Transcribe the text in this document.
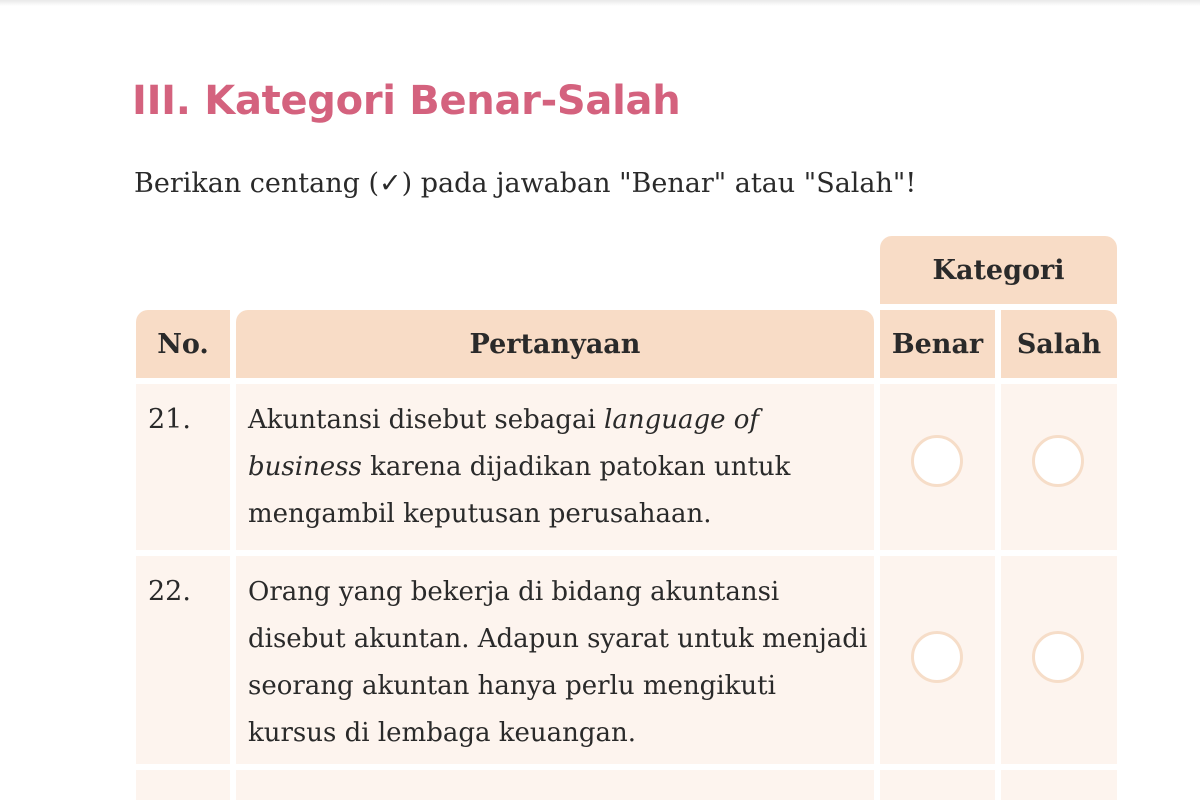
III. Kategori Benar-Salah

Berikan centang (✓) pada jawaban "Benar" atau "Salah"!

Kategori
No.	Pertanyaan	Benar Salah
21. Akuntansi disebut sebagai language of business karena dijadikan patokan untuk mengambil keputusan perusahaan.
22. Orang yang bekerja di bidang akuntansi disebut akuntan. Adapun syarat untuk menjadi seorang akuntan hanya perlu mengikuti kursus di lembaga keuangan.
